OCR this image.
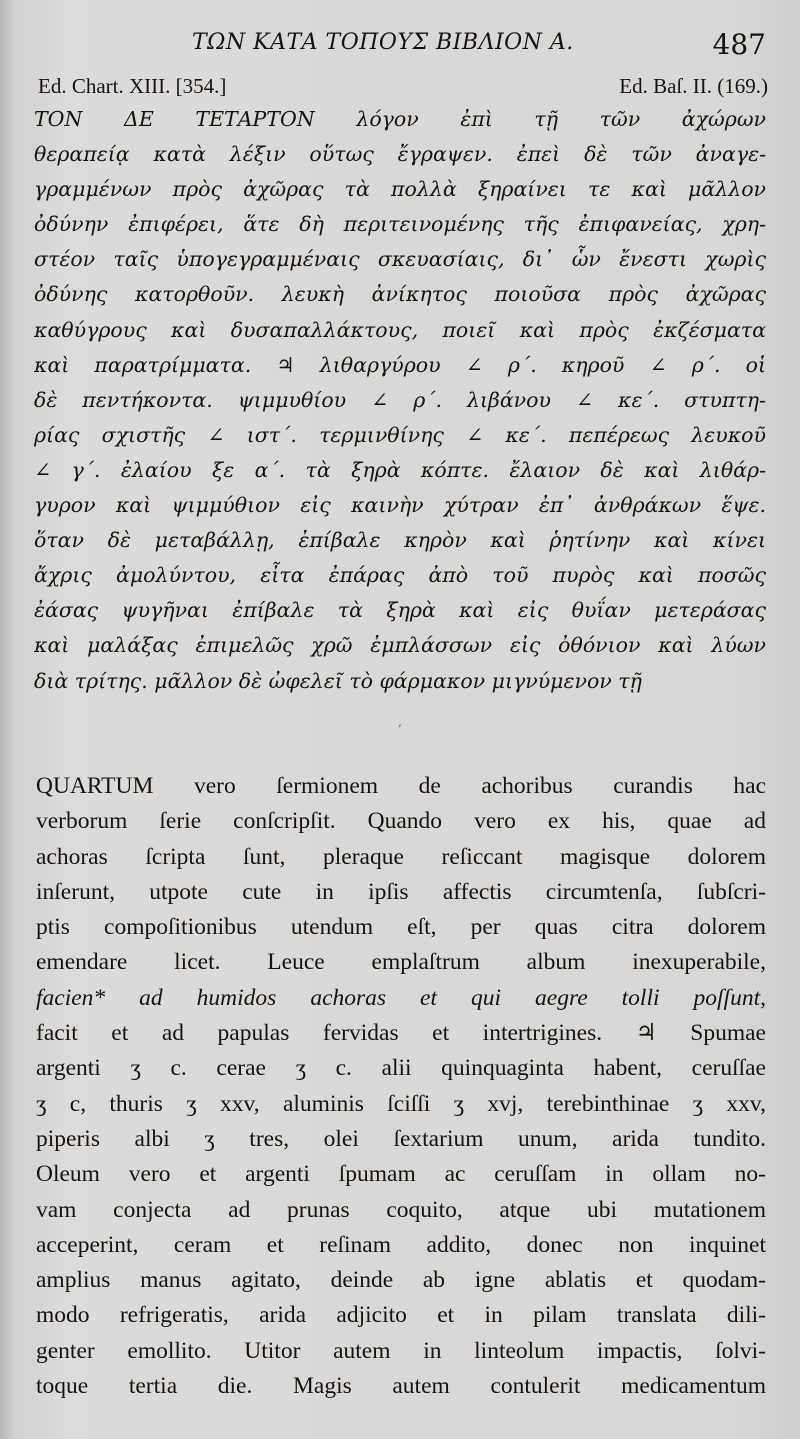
ΤΩΝ ΚΑΤΑ ΤΟΠΟΥΣ ΒΙΒΛΙΟΝ Α.	487
Ed. Chart. XIII. [354.]	Ed. Baſ. II. (169.)
ΤΟΝ ΔΕ ΤΕΤΑΡΤΟΝ λόγον ἐπὶ τῇ τῶν ἀχώρων
θεραπείᾳ κατὰ λέξιν οὕτως ἔγραψεν. ἐπεὶ δὲ τῶν ἀναγε-
γραμμένων πρὸς ἀχῶρας τὰ πολλὰ ξηραίνει τε καὶ μᾶλλον
ὀδύνην ἐπιφέρει, ἅτε δὴ περιτεινομένης τῆς ἐπιφανείας, χρη-
στέον ταῖς ὑπογεγραμμέναις σκευασίαις, δι᾽ ὧν ἔνεστι χωρὶς
ὀδύνης κατορθοῦν. λευκὴ ἀνίκητος ποιοῦσα πρὸς ἀχῶρας
καθύγρους καὶ δυσαπαλλάκτους, ποιεῖ καὶ πρὸς ἐκζέσματα
καὶ παρατρίμματα. ♃ λιθαργύρου ∠ ρ΄. κηροῦ ∠ ρ΄. οἱ
δὲ πεντήκοντα. ψιμμυθίου ∠ ρ΄. λιβάνου ∠ κε΄. στυπτη-
ρίας σχιστῆς ∠ ιστ΄. τερμινθίνης ∠ κε΄. πεπέρεως λευκοῦ
∠ γ΄. ἐλαίου ξε α΄. τὰ ξηρὰ κόπτε. ἔλαιον δὲ καὶ λιθάρ-
γυρον καὶ ψιμμύθιον εἰς καινὴν χύτραν ἐπ᾽ ἀνθράκων ἕψε.
ὅταν δὲ μεταβάλλῃ, ἐπίβαλε κηρὸν καὶ ῥητίνην καὶ κίνει
ἄχρις ἀμολύντου, εἶτα ἐπάρας ἀπὸ τοῦ πυρὸς καὶ ποσῶς
ἐάσας ψυγῆναι ἐπίβαλε τὰ ξηρὰ καὶ εἰς θυΐαν μετεράσας
καὶ μαλάξας ἐπιμελῶς χρῶ ἐμπλάσσων εἰς ὀθόνιον καὶ λύων
διὰ τρίτης. μᾶλλον δὲ ὠφελεῖ τὸ φάρμακον μιγνύμενον τῇ
,
QUARTUM vero ſermionem de achoribus curandis hac
verborum ſerie conſcripſit. Quando vero ex his, quae ad
achoras ſcripta ſunt, pleraque reſiccant magisque dolorem
inſerunt, utpote cute in ipſis affectis circumtenſa, ſubſcri-
ptis compoſitionibus utendum eſt, per quas citra dolorem
emendare licet. Leuce emplaſtrum album inexuperabile,
facien* ad humidos achoras et qui aegre tolli poſſunt,
facit et ad papulas fervidas et intertrigines. ♃ Spumae
argenti ʒ c. cerae ʒ c. alii quinquaginta habent, ceruſſae
ʒ c, thuris ʒ xxv, aluminis ſciſſi ʒ xvj, terebinthinae ʒ xxv,
piperis albi ʒ tres, olei ſextarium unum, arida tundito.
Oleum vero et argenti ſpumam ac ceruſſam in ollam no-
vam conjecta ad prunas coquito, atque ubi mutationem
acceperint, ceram et reſinam addito, donec non inquinet
amplius manus agitato, deinde ab igne ablatis et quodam-
modo refrigeratis, arida adjicito et in pilam translata dili-
genter emollito. Utitor autem in linteolum impactis, ſolvi-
toque tertia die. Magis autem contulerit medicamentum
